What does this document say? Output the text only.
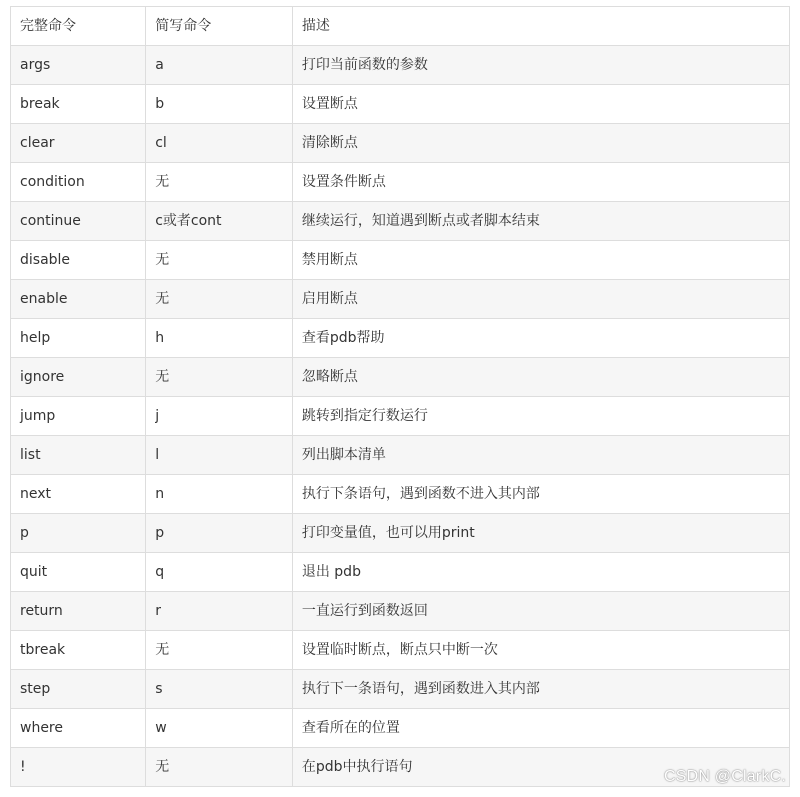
完整命令	简写命令	描述
args	a	打印当前函数的参数
break	b	设置断点
clear	cl	清除断点
condition	无	设置条件断点
continue	c或者cont	继续运行，知道遇到断点或者脚本结束
disable	无	禁用断点
enable	无	启用断点
help	h	查看pdb帮助
ignore	无	忽略断点
jump	j	跳转到指定行数运行
list	l	列出脚本清单
next	n	执行下条语句，遇到函数不进入其内部
p	p	打印变量值，也可以用print
quit	q	退出 pdb
return	r	一直运行到函数返回
tbreak	无	设置临时断点，断点只中断一次
step	s	执行下一条语句，遇到函数进入其内部
where	w	查看所在的位置
!	无	在pdb中执行语句
CSDN @ClarkC.
